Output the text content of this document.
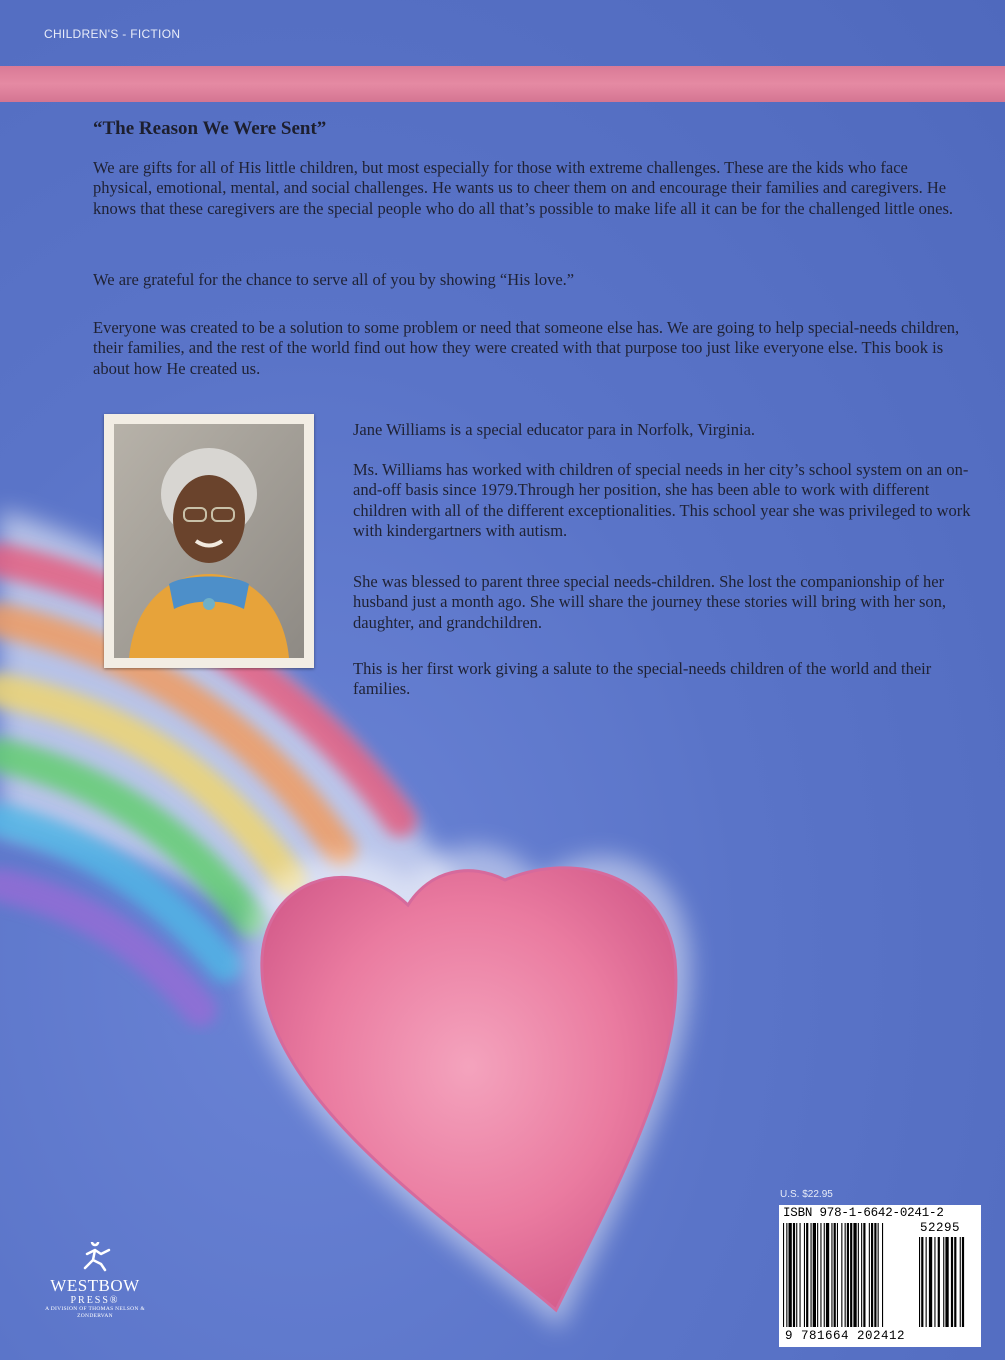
CHILDREN'S - FICTION
“The Reason We Were Sent”

We are gifts for all of His little children, but most especially for those with extreme challenges. These are the kids who face physical, emotional, mental, and social challenges. He wants us to cheer them on and encourage their families and caregivers. He knows that these caregivers are the special people who do all that’s possible to make life all it can be for the challenged little ones.

We are grateful for the chance to serve all of you by showing “His love.”

Everyone was created to be a solution to some problem or need that someone else has. We are going to help special-needs children, their families, and the rest of the world find out how they were created with that purpose too just like everyone else. This book is about how He created us.

Jane Williams is a special educator para in Norfolk, Virginia.

Ms. Williams has worked with children of special needs in her city’s school system on an on-and-off basis since 1979.Through her position, she has been able to work with different children with all of the different exceptionalities. This school year she was privileged to work with kindergartners with autism.

She was blessed to parent three special needs-children. She lost the companionship of her husband just a month ago. She will share the journey these stories will bring with her son, daughter, and grandchildren.

This is her first work giving a salute to the special-needs children of the world and their families.

WESTBOW
PRESS®
A DIVISION OF THOMAS NELSON & ZONDERVAN
U.S. $22.95
ISBN 978-1-6642-0241-2
52295
9 781664 202412
